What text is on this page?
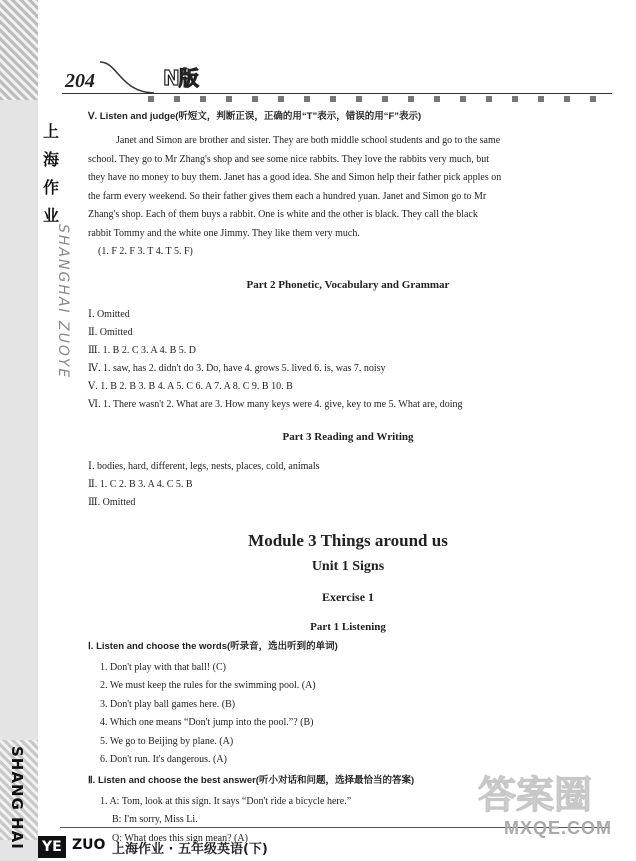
SHANG HAI
上
海
作
业
SHANGHAI ZUOYE
204	N版

Ⅴ. Listen and judge(听短文，判断正误，正确的用“T”表示，错误的用“F”表示)

Janet and Simon are brother and sister. They are both middle school students and go to the same

school. They go to Mr Zhang's shop and see some nice rabbits. They love the rabbits very much, but

they have no money to buy them. Janet has a good idea. She and Simon help their father pick apples on

the farm every weekend. So their father gives them each a hundred yuan. Janet and Simon go to Mr

Zhang's shop. Each of them buys a rabbit. One is white and the other is black. They call the black

rabbit Tommy and the white one Jimmy. They like them very much.

(1. F 2. F 3. T 4. T 5. F)

Part 2 Phonetic, Vocabulary and Grammar

Ⅰ. Omitted

Ⅱ. Omitted

Ⅲ. 1. B 2. C 3. A 4. B 5. D

Ⅳ. 1. saw, has 2. didn't do 3. Do, have 4. grows 5. lived 6. is, was 7. noisy

Ⅴ. 1. B 2. B 3. B 4. A 5. C 6. A 7. A 8. C 9. B 10. B

Ⅵ. 1. There wasn't 2. What are 3. How many keys were 4. give, key to me 5. What are, doing

Part 3 Reading and Writing

Ⅰ. bodies, hard, different, legs, nests, places, cold, animals

Ⅱ. 1. C 2. B 3. A 4. C 5. B

Ⅲ. Omitted

Module 3 Things around us
Unit 1 Signs
Exercise 1
Part 1 Listening

Ⅰ. Listen and choose the words(听录音，选出听到的单词)

1. Don't play with that ball! (C)

2. We must keep the rules for the swimming pool. (A)

3. Don't play ball games here. (B)

4. Which one means “Don't jump into the pool.”? (B)

5. We go to Beijing by plane. (A)

6. Don't run. It's dangerous. (A)

Ⅱ. Listen and choose the best answer(听小对话和问题，选择最恰当的答案)

1. A: Tom, look at this sign. It says “Don't ride a bicycle here.”

B: I'm sorry, Miss Li.

Q: What does this sign mean? (A)

YE ZUO 上海作业 · 五年级英语(下)
答案圈
MXQE.COM
